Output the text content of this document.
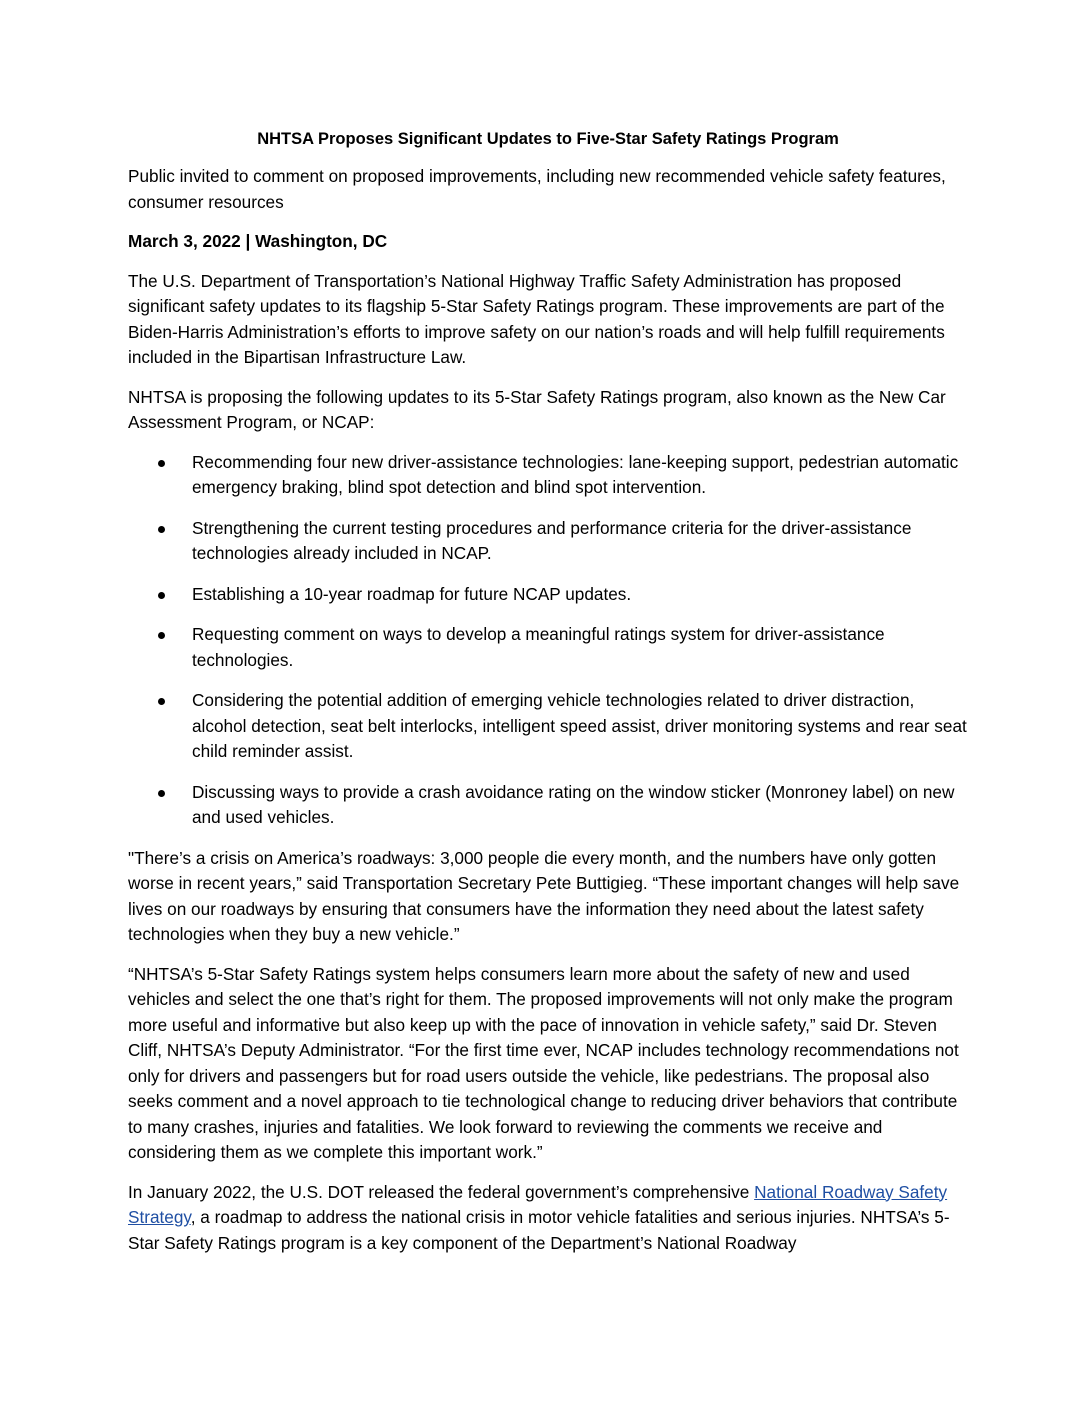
NHTSA Proposes Significant Updates to Five-Star Safety Ratings Program

Public invited to comment on proposed improvements, including new recommended vehicle safety features, consumer resources

March 3, 2022 | Washington, DC

The U.S. Department of Transportation’s National Highway Traffic Safety Administration has proposed significant safety updates to its flagship 5-Star Safety Ratings program. These improvements are part of the Biden-Harris Administration’s efforts to improve safety on our nation’s roads and will help fulfill requirements included in the Bipartisan Infrastructure Law.

NHTSA is proposing the following updates to its 5-Star Safety Ratings program, also known as the New Car Assessment Program, or NCAP:

Recommending four new driver-assistance technologies: lane-keeping support, pedestrian automatic emergency braking, blind spot detection and blind spot intervention.
Strengthening the current testing procedures and performance criteria for the driver-assistance technologies already included in NCAP.
Establishing a 10-year roadmap for future NCAP updates.
Requesting comment on ways to develop a meaningful ratings system for driver-assistance technologies.
Considering the potential addition of emerging vehicle technologies related to driver distraction, alcohol detection, seat belt interlocks, intelligent speed assist, driver monitoring systems and rear seat child reminder assist.
Discussing ways to provide a crash avoidance rating on the window sticker (Monroney label) on new and used vehicles.

"There’s a crisis on America’s roadways: 3,000 people die every month, and the numbers have only gotten worse in recent years,” said Transportation Secretary Pete Buttigieg. “These important changes will help save lives on our roadways by ensuring that consumers have the information they need about the latest safety technologies when they buy a new vehicle.”

“NHTSA’s 5-Star Safety Ratings system helps consumers learn more about the safety of new and used vehicles and select the one that’s right for them. The proposed improvements will not only make the program more useful and informative but also keep up with the pace of innovation in vehicle safety,” said Dr. Steven Cliff, NHTSA’s Deputy Administrator. “For the first time ever, NCAP includes technology recommendations not only for drivers and passengers but for road users outside the vehicle, like pedestrians. The proposal also seeks comment and a novel approach to tie technological change to reducing driver behaviors that contribute to many crashes, injuries and fatalities. We look forward to reviewing the comments we receive and considering them as we complete this important work.”

In January 2022, the U.S. DOT released the federal government’s comprehensive National Roadway Safety Strategy, a roadmap to address the national crisis in motor vehicle fatalities and serious injuries. NHTSA’s 5-Star Safety Ratings program is a key component of the Department’s National Roadway
